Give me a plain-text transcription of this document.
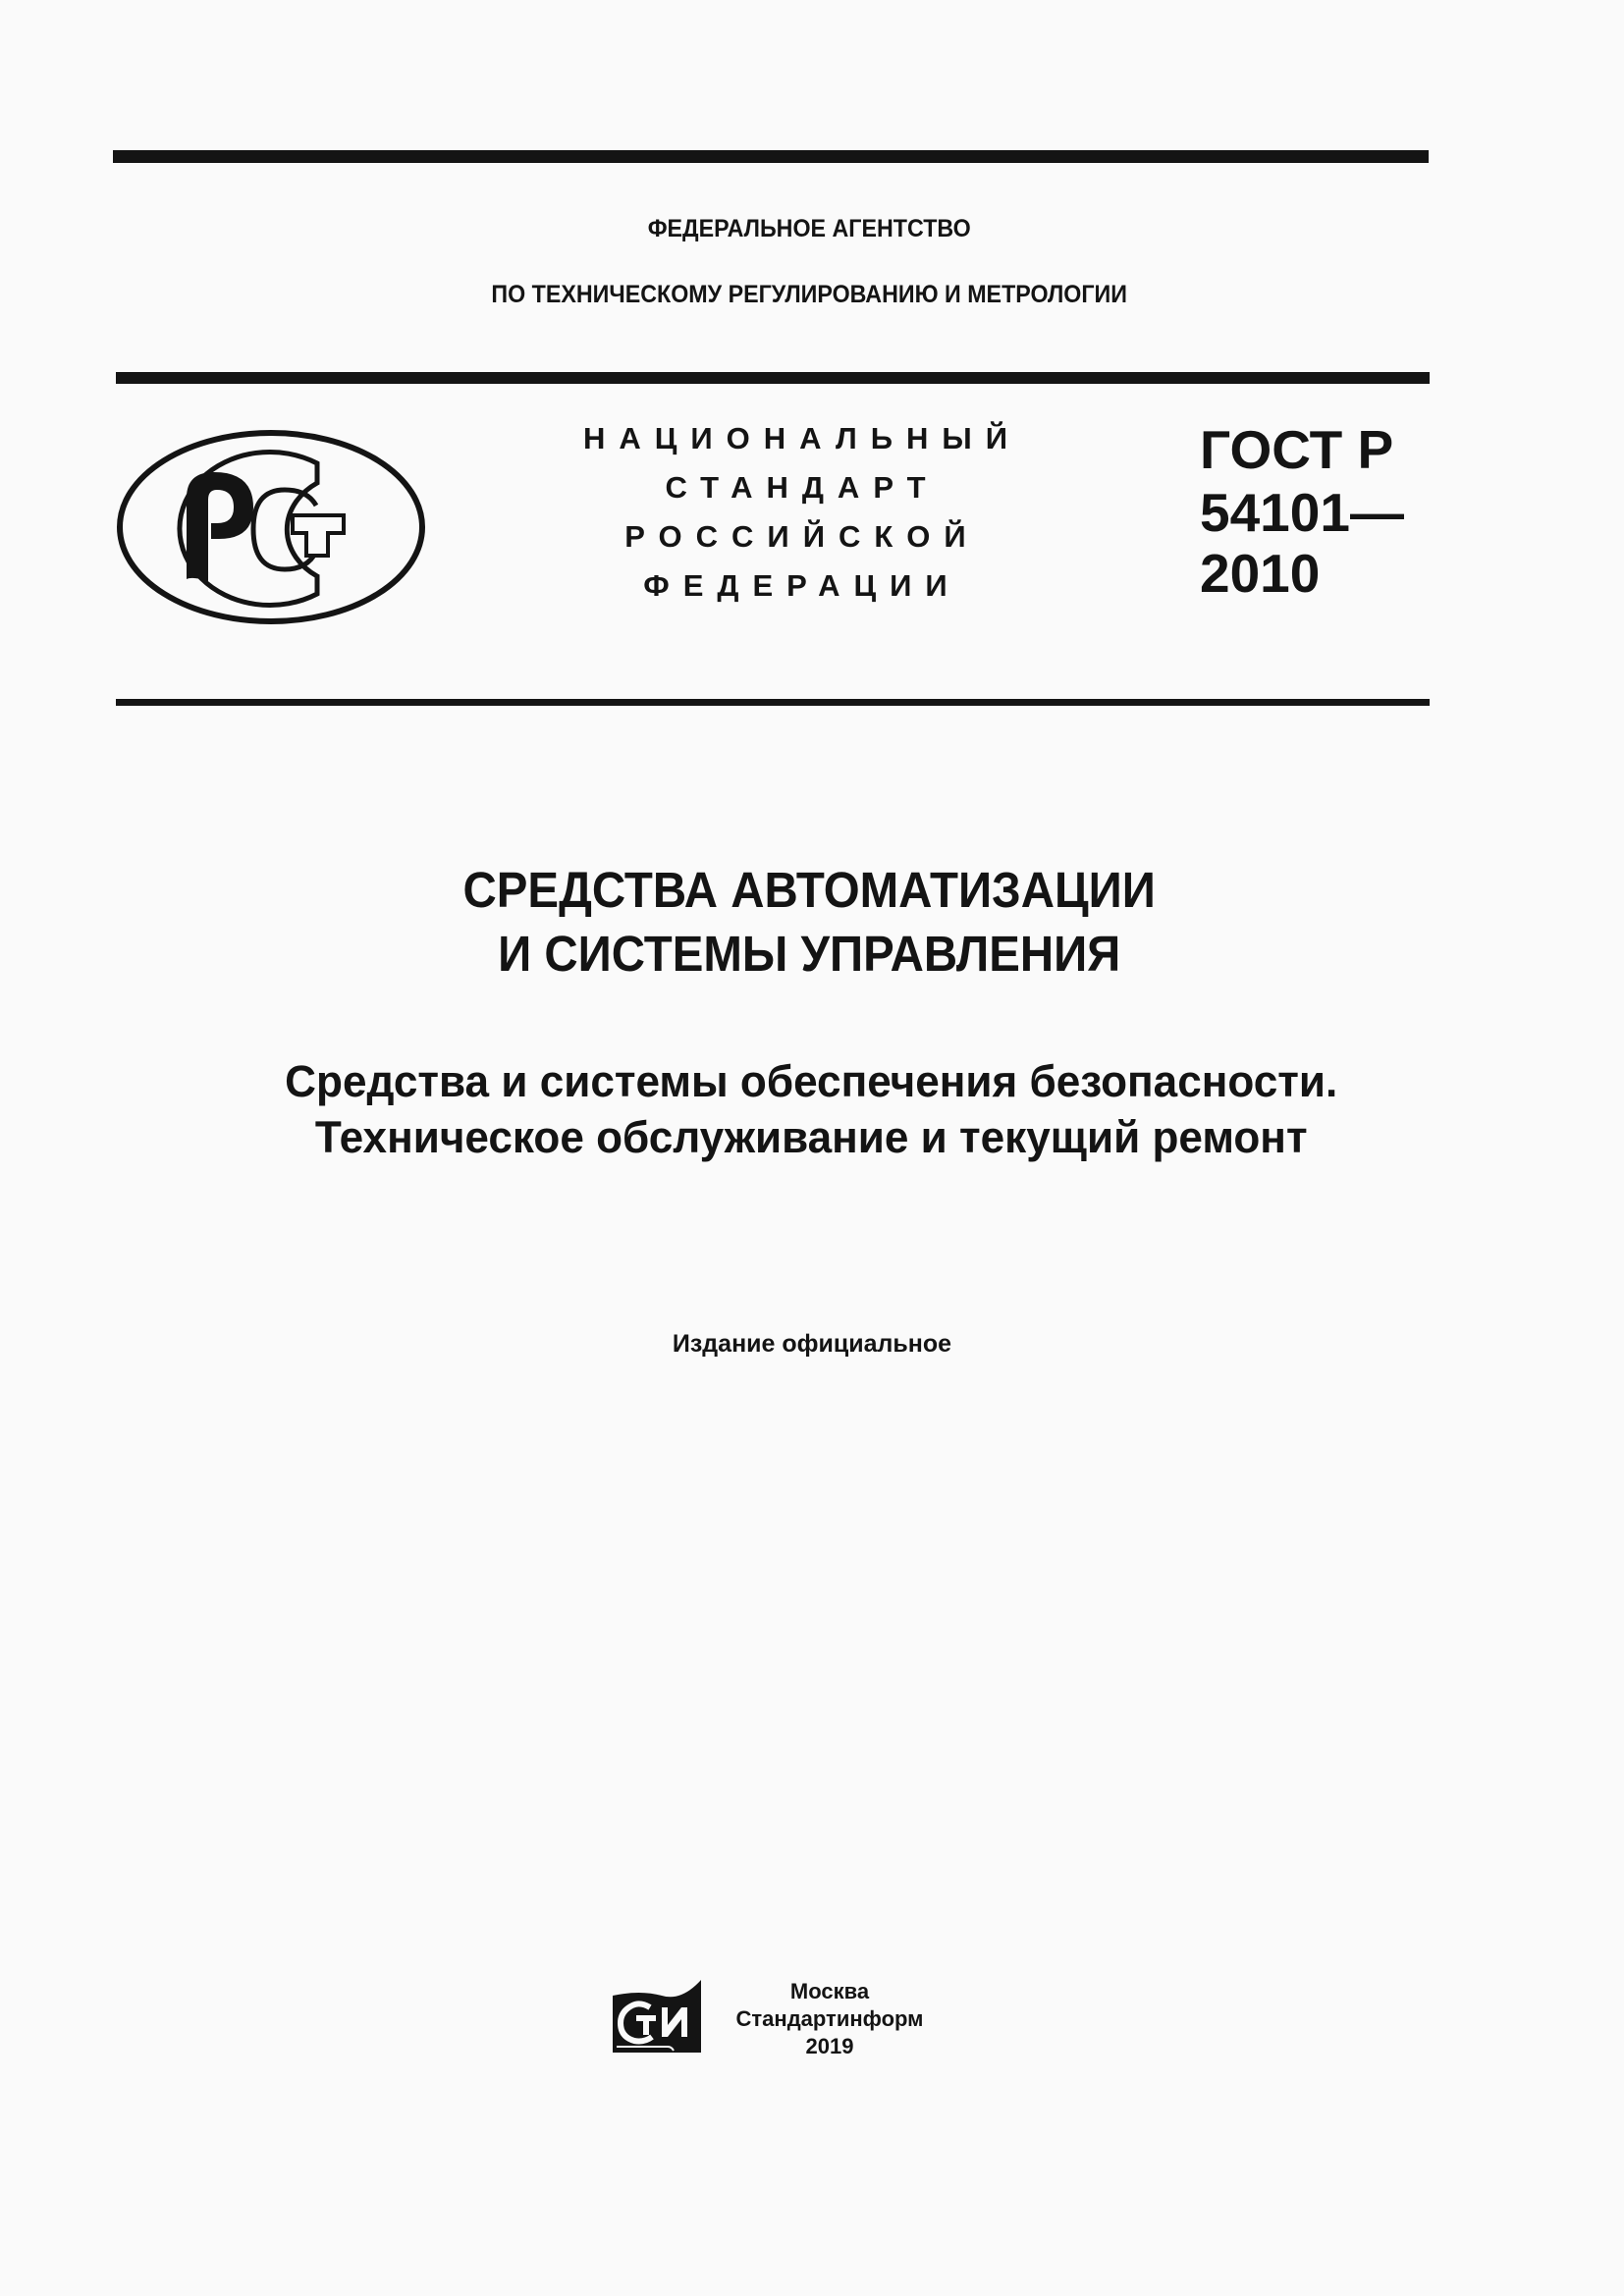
ФЕДЕРАЛЬНОЕ АГЕНТСТВО
ПО ТЕХНИЧЕСКОМУ РЕГУЛИРОВАНИЮ И МЕТРОЛОГИИ
НАЦИОНАЛЬНЫЙ
СТАНДАРТ
РОССИЙСКОЙ
ФЕДЕРАЦИИ
ГОСТ Р
54101—
2010
СРЕДСТВА АВТОМАТИЗАЦИИ
И СИСТЕМЫ УПРАВЛЕНИЯ
Средства и системы обеспечения безопасности.
Техническое обслуживание и текущий ремонт
Издание официальное
Москва
Стандартинформ
2019
